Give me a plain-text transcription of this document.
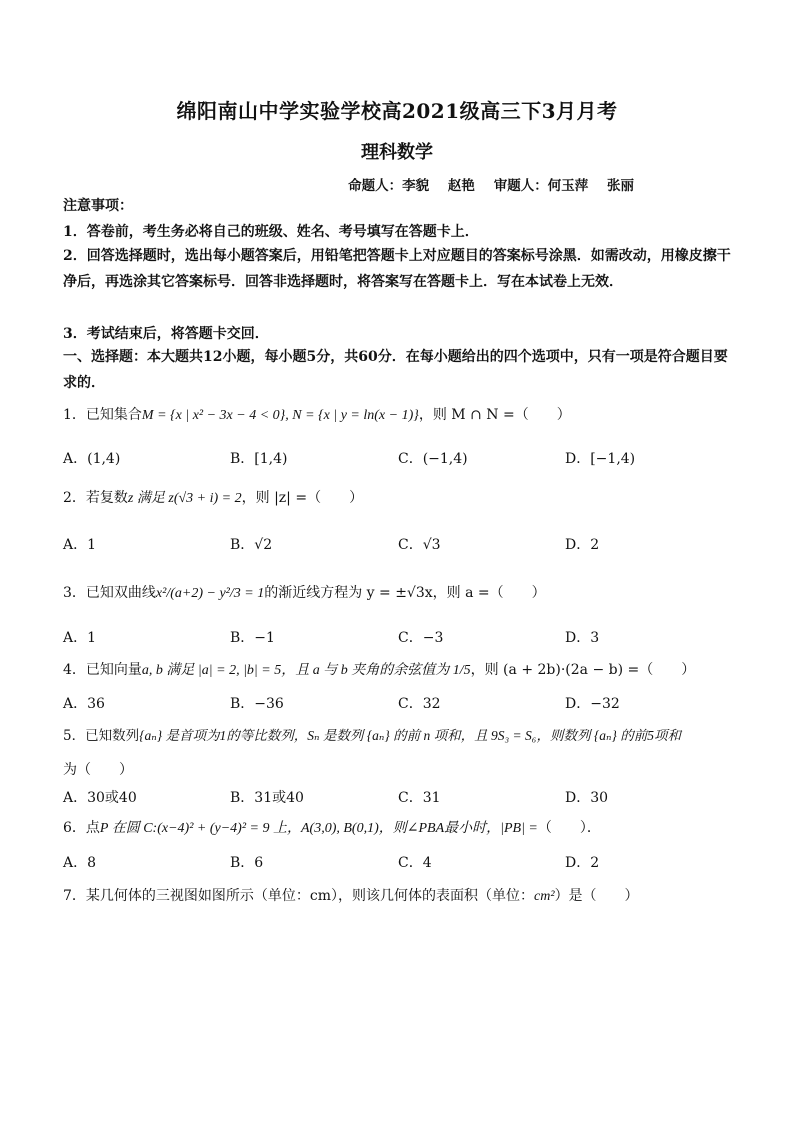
绵阳南山中学实验学校高2021级高三下3月月考
理科数学
命题人：李貌    赵艳    审题人：何玉萍    张丽
注意事项：
1．答卷前，考生务必将自己的班级、姓名、考号填写在答题卡上．
2．回答选择题时，选出每小题答案后，用铅笔把答题卡上对应题目的答案标号涂黑．如需改动，用橡皮擦干净后，再选涂其它答案标号．回答非选择题时，将答案写在答题卡上．写在本试卷上无效．
3．考试结束后，将答题卡交回．
一、选择题：本大题共12小题，每小题5分，共60分．在每小题给出的四个选项中，只有一项是符合题目要求的．
1．已知集合M = {x | x² − 3x − 4 < 0}, N = {x | y = ln(x − 1)}，则 M ∩ N =（　　）
A．(1,4)	B．[1,4)	C．(−1,4)	D．[−1,4)
2．若复数z 满足 z(√3 + i) = 2，则 |z| =（　　）
A．1	B．√2	C．√3	D．2
3．已知双曲线x²/(a+2) − y²/3 = 1的渐近线方程为 y = ±√3x，则 a =（　　）
A．1	B．−1	C．−3	D．3
4．已知向量a, b 满足 |a| = 2, |b| = 5，且 a 与 b 夹角的余弦值为 1/5，则 (a + 2b)·(2a − b) =（　　）
A．36	B．−36	C．32	D．−32
5．已知数列{aₙ} 是首项为1的等比数列，Sₙ 是数列 {aₙ} 的前 n 项和，且 9S₃ = S₆，则数列 {aₙ} 的前5项和
为（　　）
A．30或40	B．31或40	C．31	D．30
6．点P 在圆 C:(x−4)² + (y−4)² = 9 上，A(3,0), B(0,1)，则∠PBA最小时，|PB| =（　　）．
A．8	B．6	C．4	D．2
7．某几何体的三视图如图所示（单位：cm），则该几何体的表面积（单位：cm²）是（　　）
